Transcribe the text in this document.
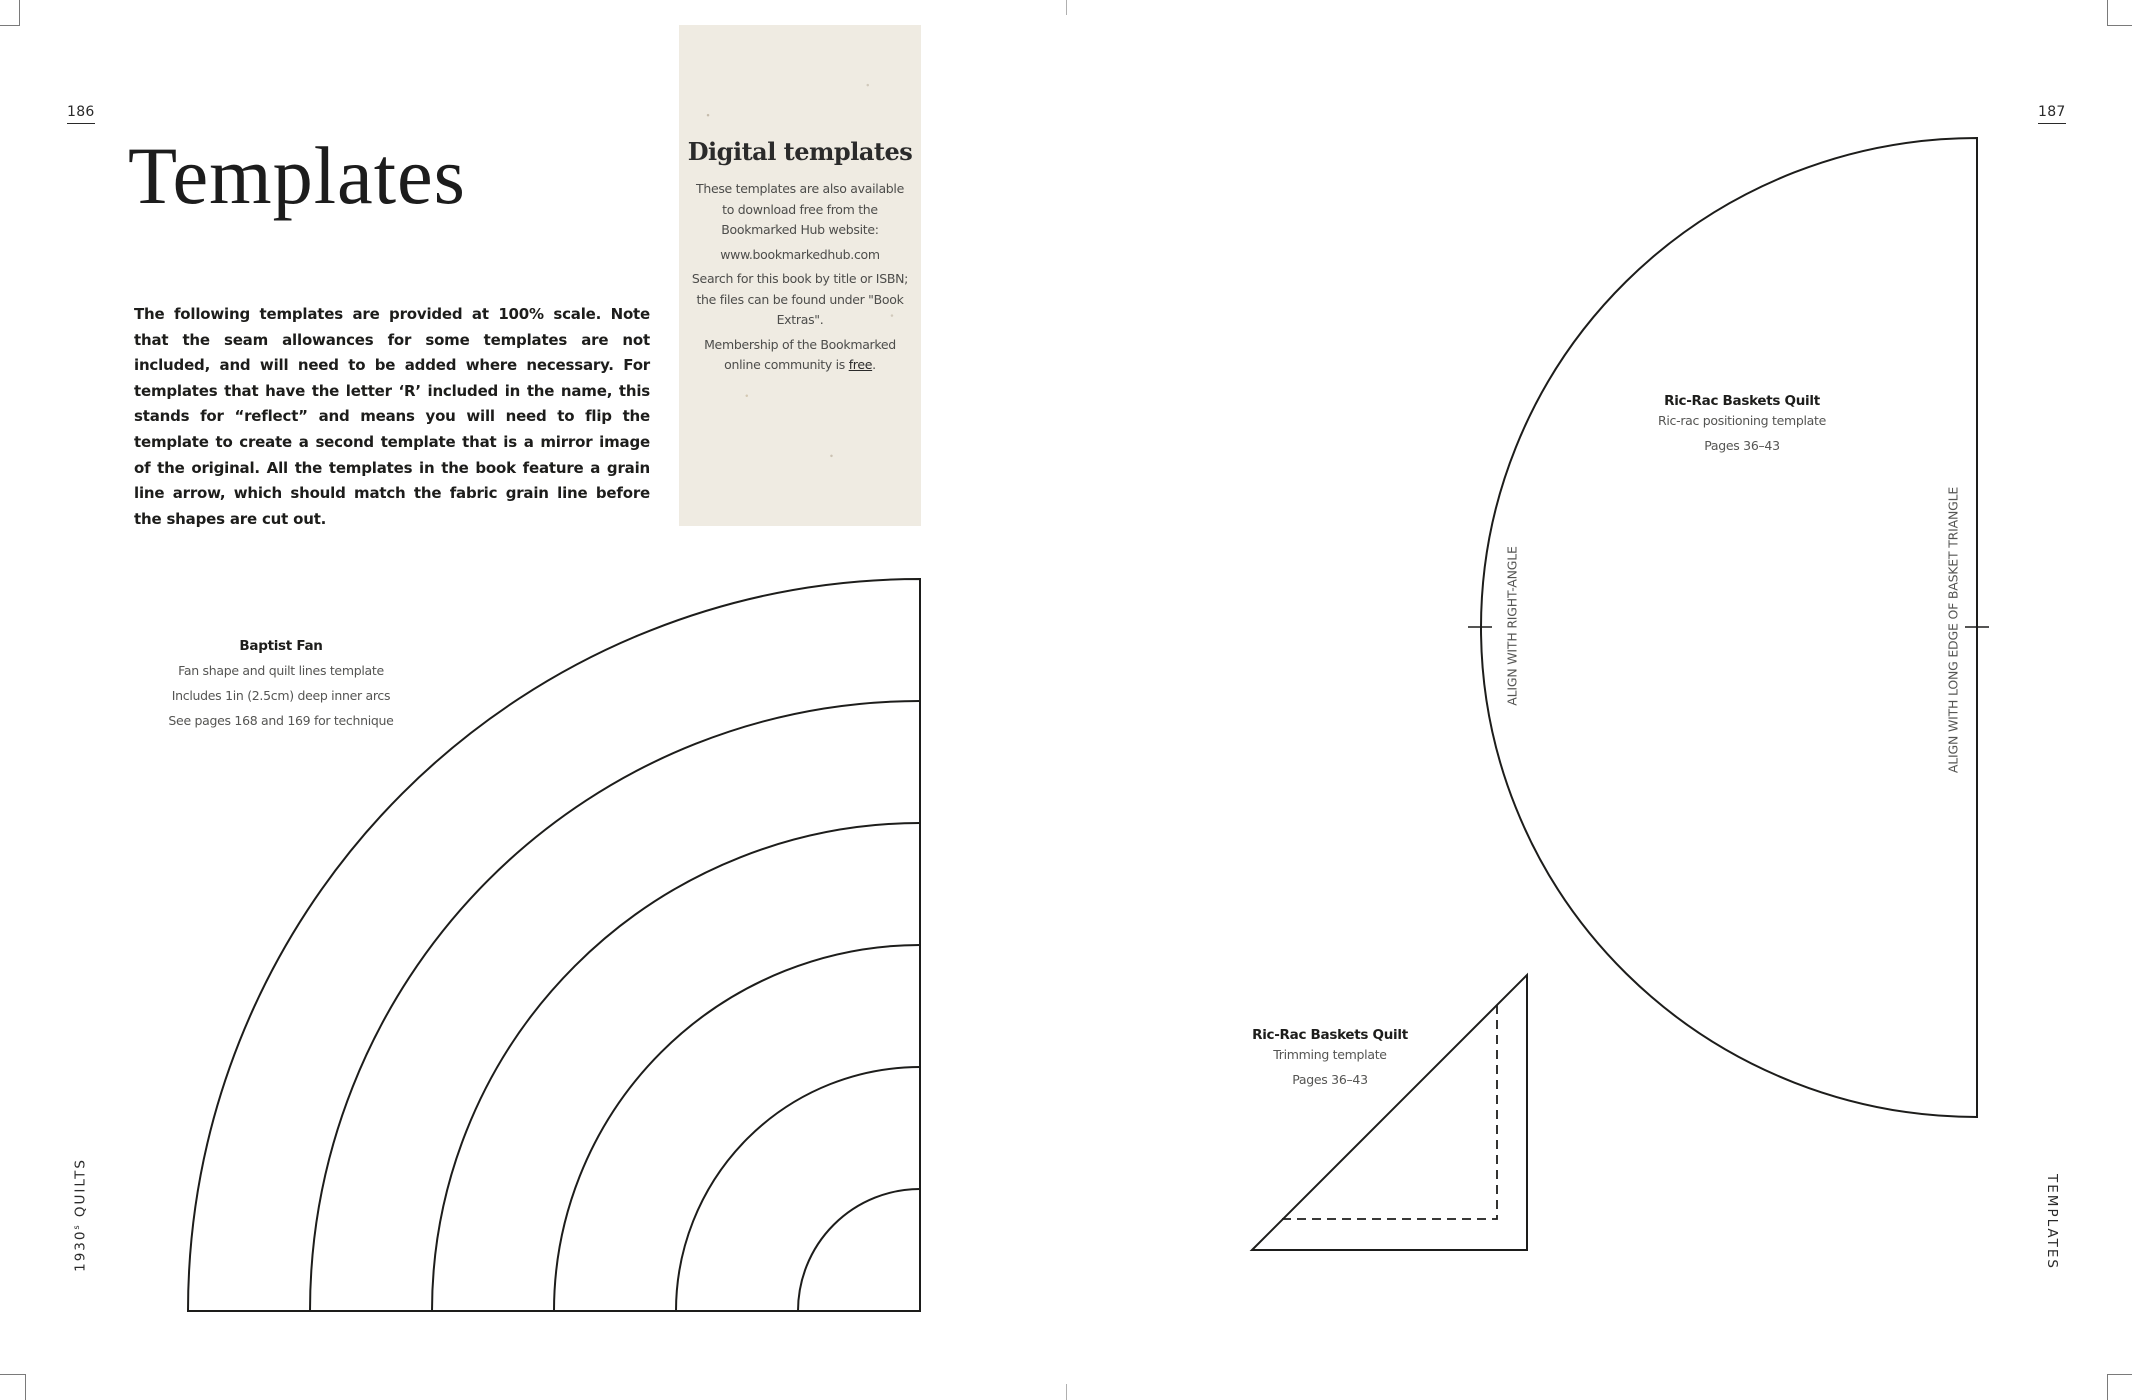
186
Templates

The following templates are provided at 100% scale. Note that the seam allowances for some templates are not included, and will need to be added where necessary. For templates that have the letter ‘R’ included in the name, this stands for “reflect” and means you will need to flip the template to create a second template that is a mirror image of the original. All the templates in the book feature a grain line arrow, which should match the fabric grain line before the shapes are cut out.

Digital templates

These templates are also available to download free from the Bookmarked Hub website:

www.bookmarkedhub.com

Search for this book by title or ISBN; the files can be found under "Book Extras".

Membership of the Bookmarked online community is free.

Baptist Fan
Fan shape and quilt lines template
Includes 1in (2.5cm) deep inner arcs
See pages 168 and 169 for technique
1930$^s$ QUILTS
187
Ric-Rac Baskets Quilt
Ric-rac positioning template
Pages 36–43
Ric-Rac Baskets Quilt
Trimming template
Pages 36–43
ALIGN WITH RIGHT-ANGLE	ALIGN WITH LONG EDGE OF BASKET TRIANGLE
TEMPLATES
